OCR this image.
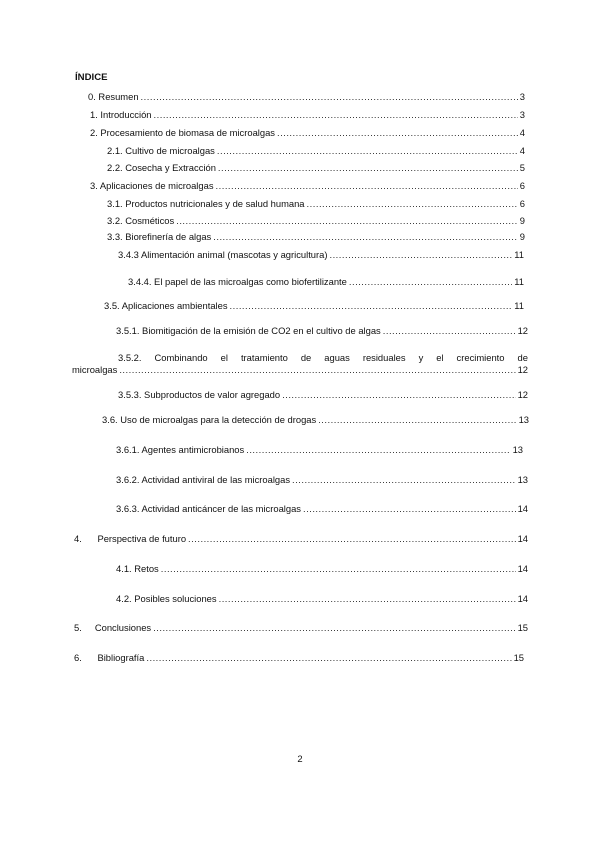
ÍNDICE
0. Resumen .....	3
1. Introducción .....	3
2. Procesamiento de biomasa de microalgas .....	4
2.1. Cultivo de microalgas .....	4
2.2. Cosecha y Extracción .....	5
3. Aplicaciones de microalgas .....	6
3.1. Productos nutricionales y de salud humana .....	6
3.2. Cosméticos .....	9
3.3. Biorefinería de algas .....	9
3.4.3 Alimentación animal (mascotas y agricultura) .....	11
3.4.4. El papel de las microalgas como biofertilizante .....	11
3.5. Aplicaciones ambientales .....	11
3.5.1. Biomitigación de la emisión de CO2 en el cultivo de algas .....	12
3.5.2. Combinando el tratamiento de aguas residuales y el crecimiento de
microalgas .....	12
3.5.3. Subproductos de valor agregado .....	12
3.6. Uso de microalgas para la detección de drogas .....	13
3.6.1. Agentes antimicrobianos .....	13
3.6.2. Actividad antiviral de las microalgas .....	13
3.6.3. Actividad anticáncer de las microalgas .....	14
4.      Perspectiva de futuro .....	14
4.1. Retos .....	14
4.2. Posibles soluciones .....	14
5.     Conclusiones .....	15
6.      Bibliografía .....	15
2
